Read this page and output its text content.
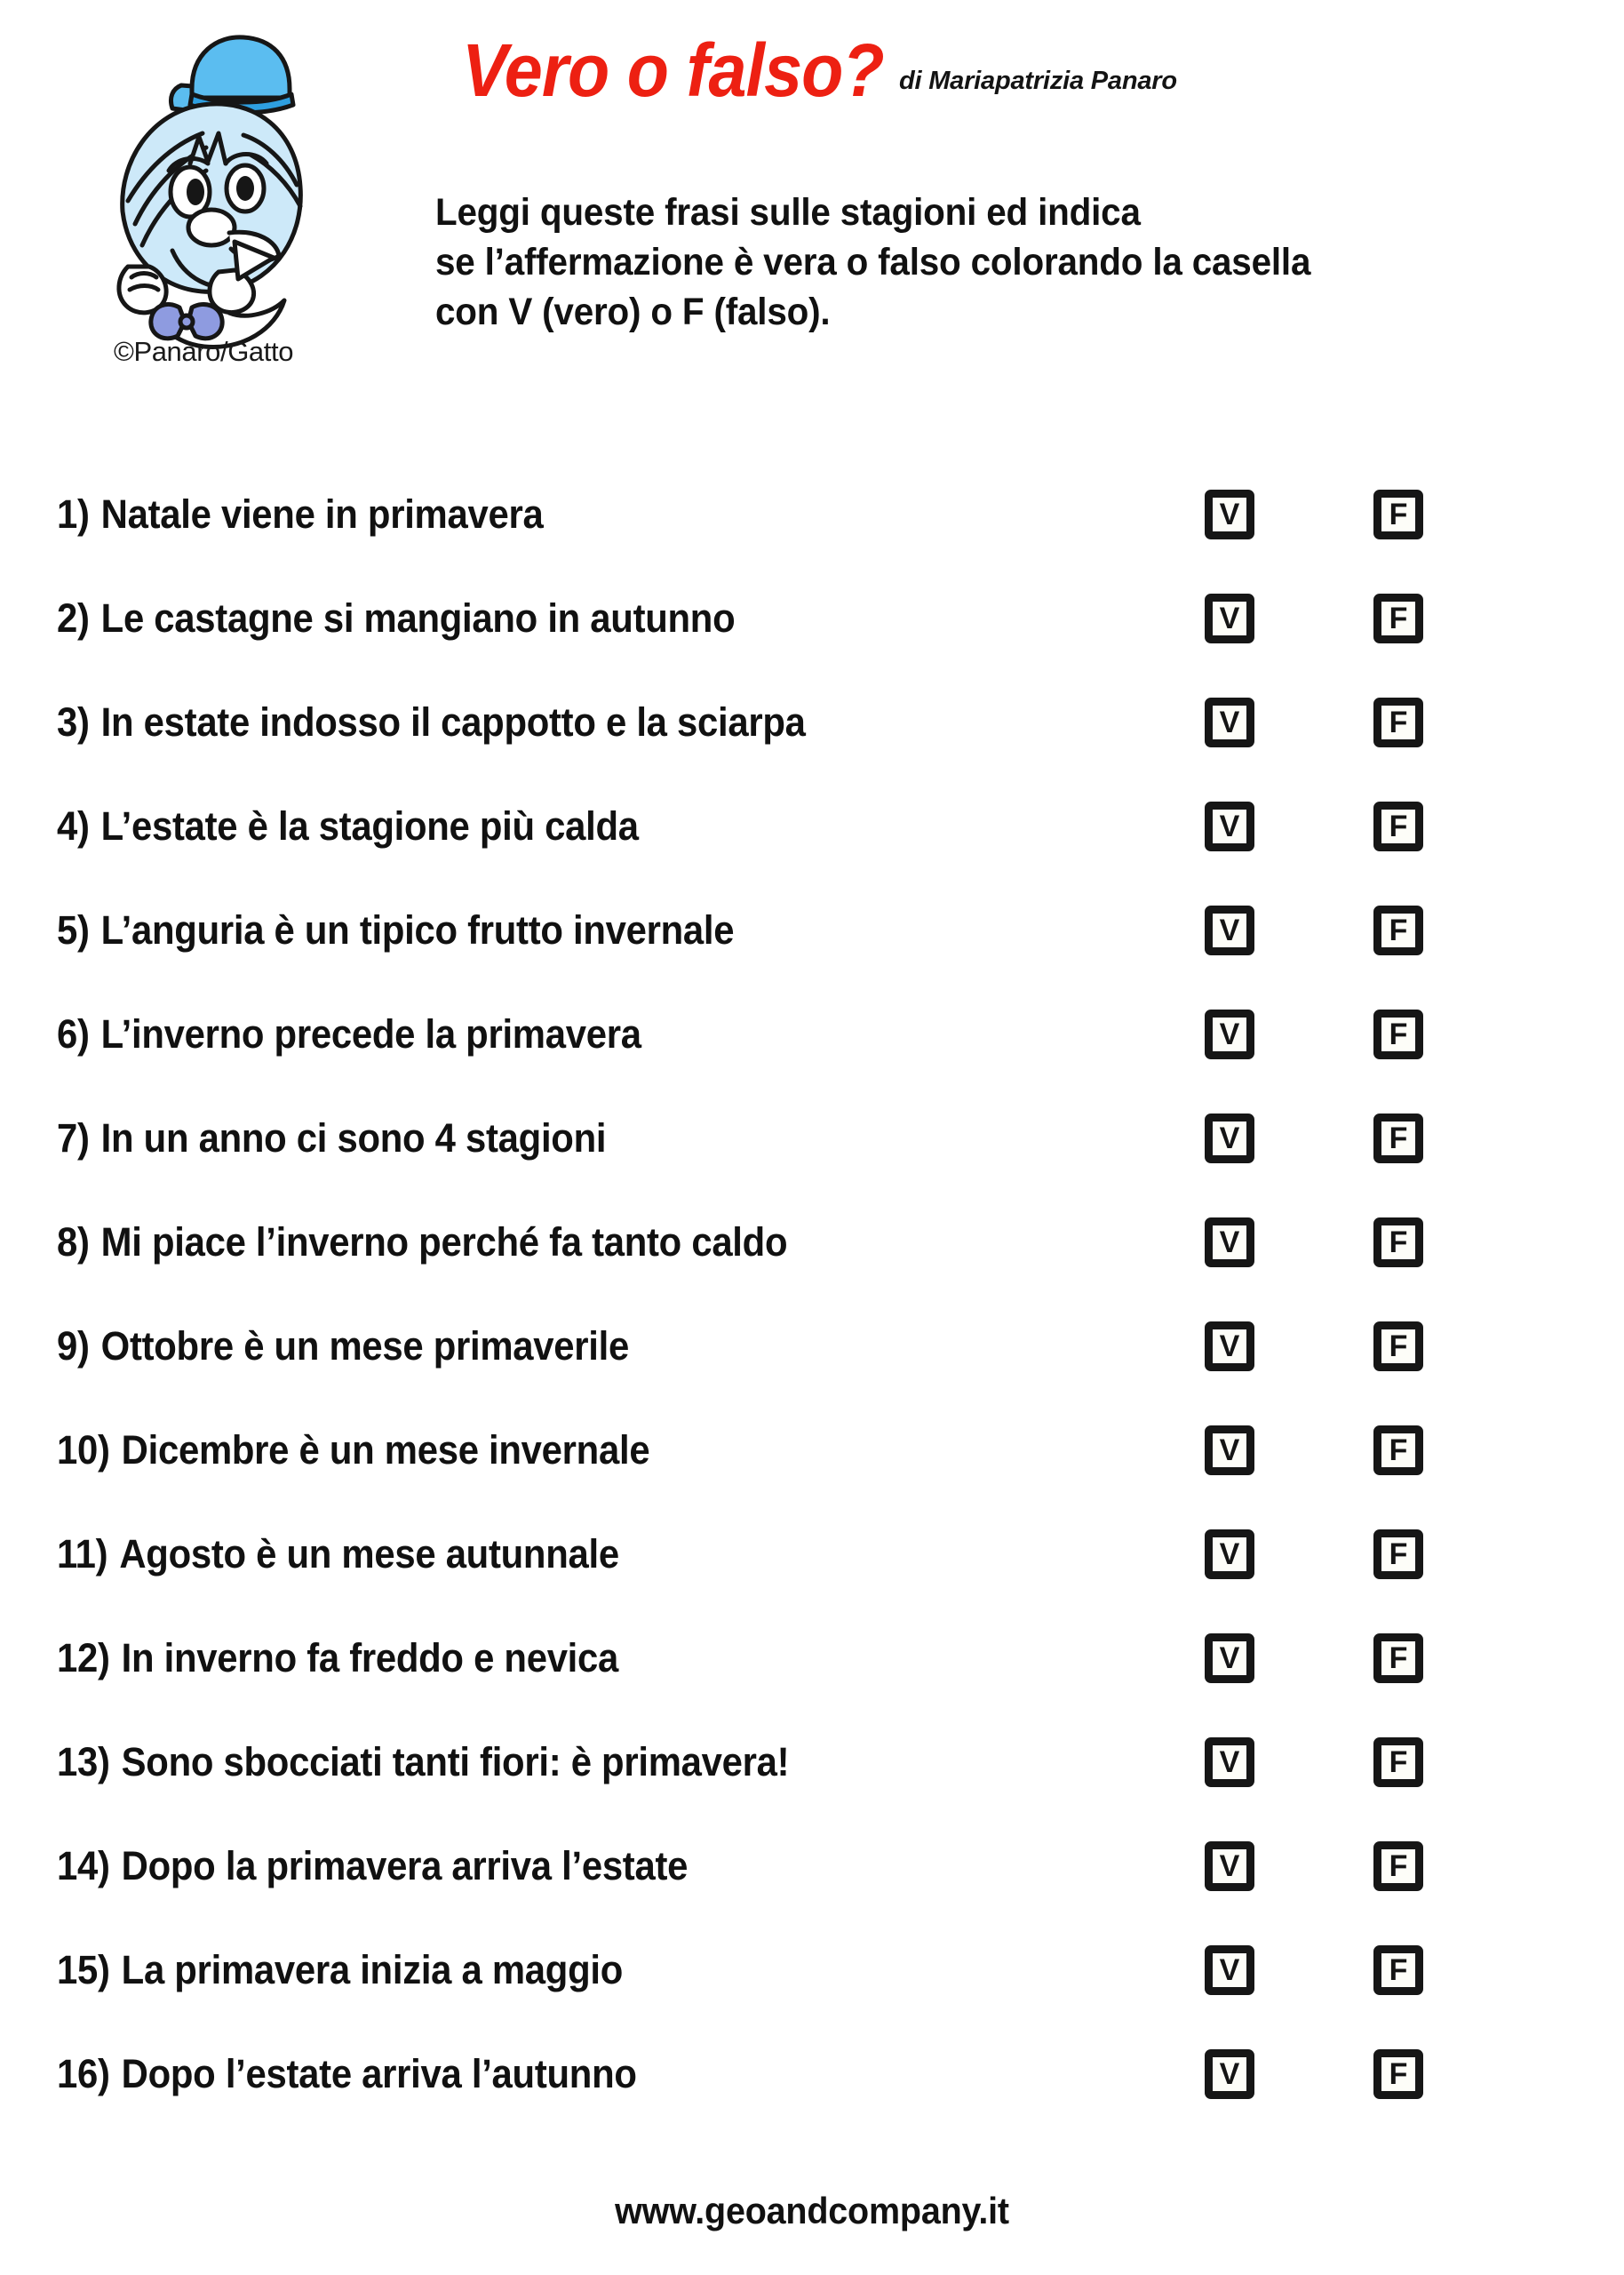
©Panaro/Gatto
Vero o falso? di Mariapatrizia Panaro
Leggi queste frasi sulle stagioni ed indica
se l’affermazione è vera o falso colorando la casella
con V (vero) o F (falso).
1) Natale viene in primavera	V	F
2) Le castagne si mangiano in autunno	V	F
3) In estate indosso il cappotto e la sciarpa	V	F
4) L’estate è la stagione più calda	V	F
5) L’anguria è un tipico frutto invernale	V	F
6) L’inverno precede la primavera	V	F
7) In un anno ci sono 4 stagioni	V	F
8) Mi piace l’inverno perché fa tanto caldo	V	F
9) Ottobre è un mese primaverile	V	F
10) Dicembre è un mese invernale	V	F
11) Agosto è un mese autunnale	V	F
12) In inverno fa freddo e nevica	V	F
13) Sono sbocciati tanti fiori: è primavera!	V	F
14) Dopo la primavera arriva l’estate	V	F
15) La primavera inizia a maggio	V	F
16) Dopo l’estate arriva l’autunno	V	F
www.geoandcompany.it
